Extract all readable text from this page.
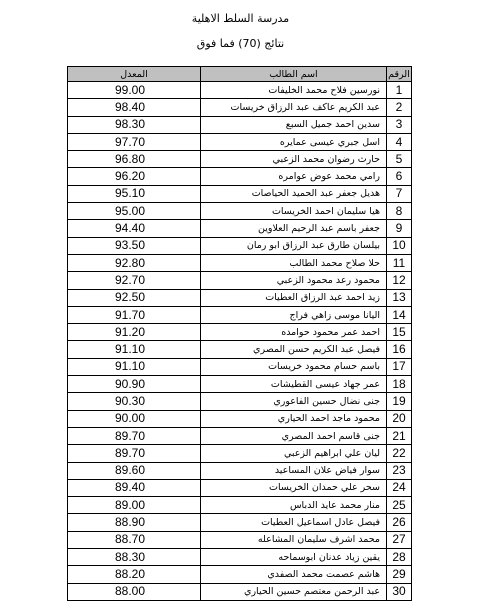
مدرسة السلط الاهلية
نتائج (70) فما فوق
الرقم	اسم الطالب	المعدل
1	نورسين فلاح محمد الخليفات	99.00
2	عبد الكريم عاكف عبد الرزاق خريسات	98.40
3	سدين احمد جميل السبع	98.30
4	اسل جبري عيسى عمايره	97.70
5	حارث رضوان محمد الزعبي	96.80
6	رامي محمد عوض عوامره	96.20
7	هديل جعفر عبد الحميد الحياصات	95.10
8	هيا سليمان احمد الخريسات	95.00
9	جعفر باسم عبد الرحيم العلاوين	94.40
10	بيلسان طارق عبد الرزاق ابو رمان	93.50
11	حلا صلاح محمد الطالب	92.80
12	محمود رعد محمود الزعبي	92.70
13	زيد احمد عبد الرزاق العطيات	92.50
14	اليانا موسى زاهي فراج	91.70
15	احمد عمر محمود حوامده	91.20
16	فيصل عبد الكريم حسن المصري	91.10
17	باسم حسام محمود خريسات	91.10
18	عمر جهاد عيسى القطيشات	90.90
19	جنى نضال حسين الفاعوري	90.30
20	محمود ماجد احمد الحياري	90.00
21	جنى قاسم احمد المصري	89.70
22	ليان علي ابراهيم الزعبي	89.70
23	سوار فياض علان المساعيد	89.60
24	سحر علي حمدان الخريسات	89.40
25	منار محمد عايد الدباس	89.00
26	فيصل عادل اسماعيل العطيات	88.90
27	محمد اشرف سليمان المشاعله	88.70
28	يقين زياد عدنان ابوسماحه	88.30
29	هاشم عصمت محمد الصفدي	88.20
30	عبد الرحمن معتصم حسين الحياري	88.00
